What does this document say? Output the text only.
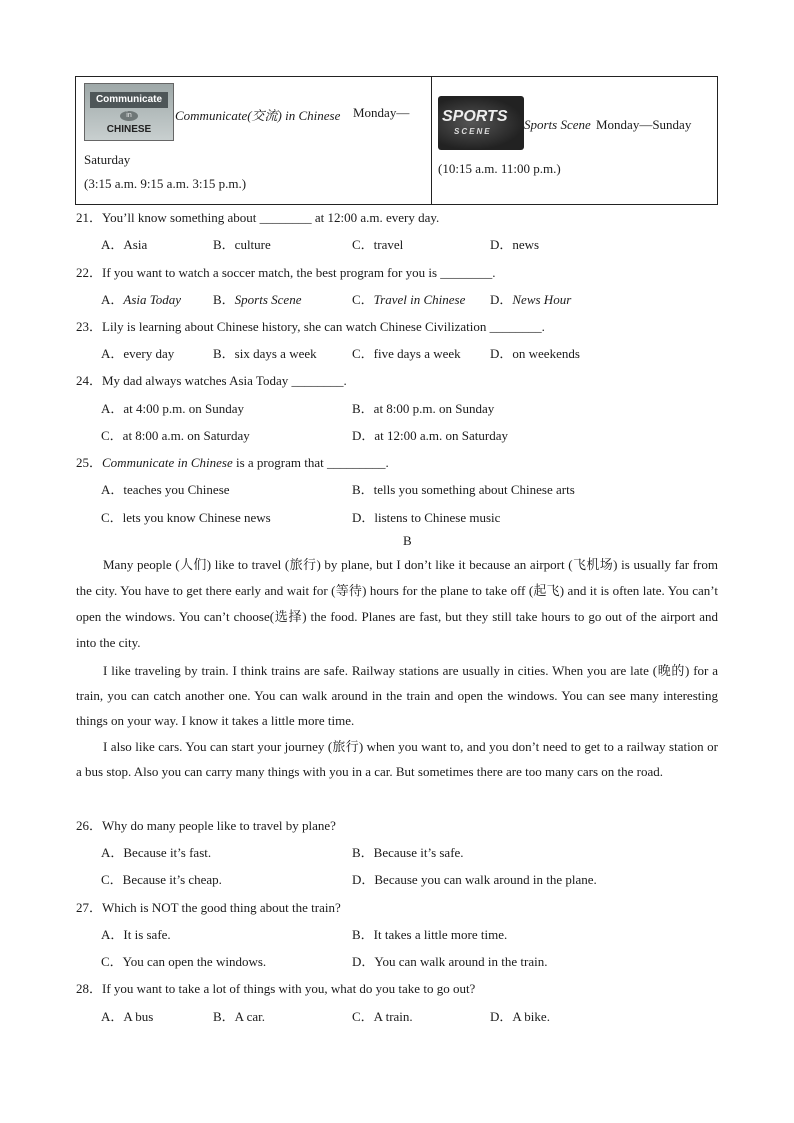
Communicate
in
CHINESE
Communicate(交流) in Chinese Monday—
Saturday
(3:15 a.m. 9:15 a.m. 3:15 p.m.)
SPORTS
SCENE Sports Scene Monday—Sunday
(10:15 a.m. 11:00 p.m.)
21．You’ll know something about ________ at 12:00 a.m. every day.
A．Asia	B．culture	C．travel	D．news
22．If you want to watch a soccer match, the best program for you is ________.
A．Asia Today B．Sports Scene	C．Travel in Chinese D．News Hour
23．Lily is learning about Chinese history, she can watch Chinese Civilization ________.
A．every day	B．six days a week	C．five days a week D．on weekends
24．My dad always watches Asia Today ________.
A．at 4:00 p.m. on Sunday	B．at 8:00 p.m. on Sunday
C．at 8:00 a.m. on Saturday	D．at 12:00 a.m. on Saturday
25．Communicate in Chinese is a program that _________.
A．teaches you Chinese	B．tells you something about Chinese arts
C．lets you know Chinese news	D．listens to Chinese music
B
Many people (人们) like to travel (旅行) by plane, but I don’t like it because an airport (飞机场) is usually far from the city. You have to get there early and wait for (等待) hours for the plane to take off (起飞) and it is often late. You can’t open the windows. You can’t choose(选择) the food. Planes are fast, but they still take hours to go out of the airport and into the city.
I like traveling by train. I think trains are safe. Railway stations are usually in cities. When you are late (晚的) for a train, you can catch another one. You can walk around in the train and open the windows. You can see many interesting things on your way. I know it takes a little more time.
I also like cars. You can start your journey (旅行) when you want to, and you don’t need to get to a railway station or a bus stop. Also you can carry many things with you in a car. But sometimes there are too many cars on the road.
26．Why do many people like to travel by plane?
A．Because it’s fast.	B．Because it’s safe.
C．Because it’s cheap.	D．Because you can walk around in the plane.
27．Which is NOT the good thing about the train?
A．It is safe.	B．It takes a little more time.
C．You can open the windows.	D．You can walk around in the train.
28．If you want to take a lot of things with you, what do you take to go out?
A．A bus	B．A car.	C．A train.	D．A bike.
